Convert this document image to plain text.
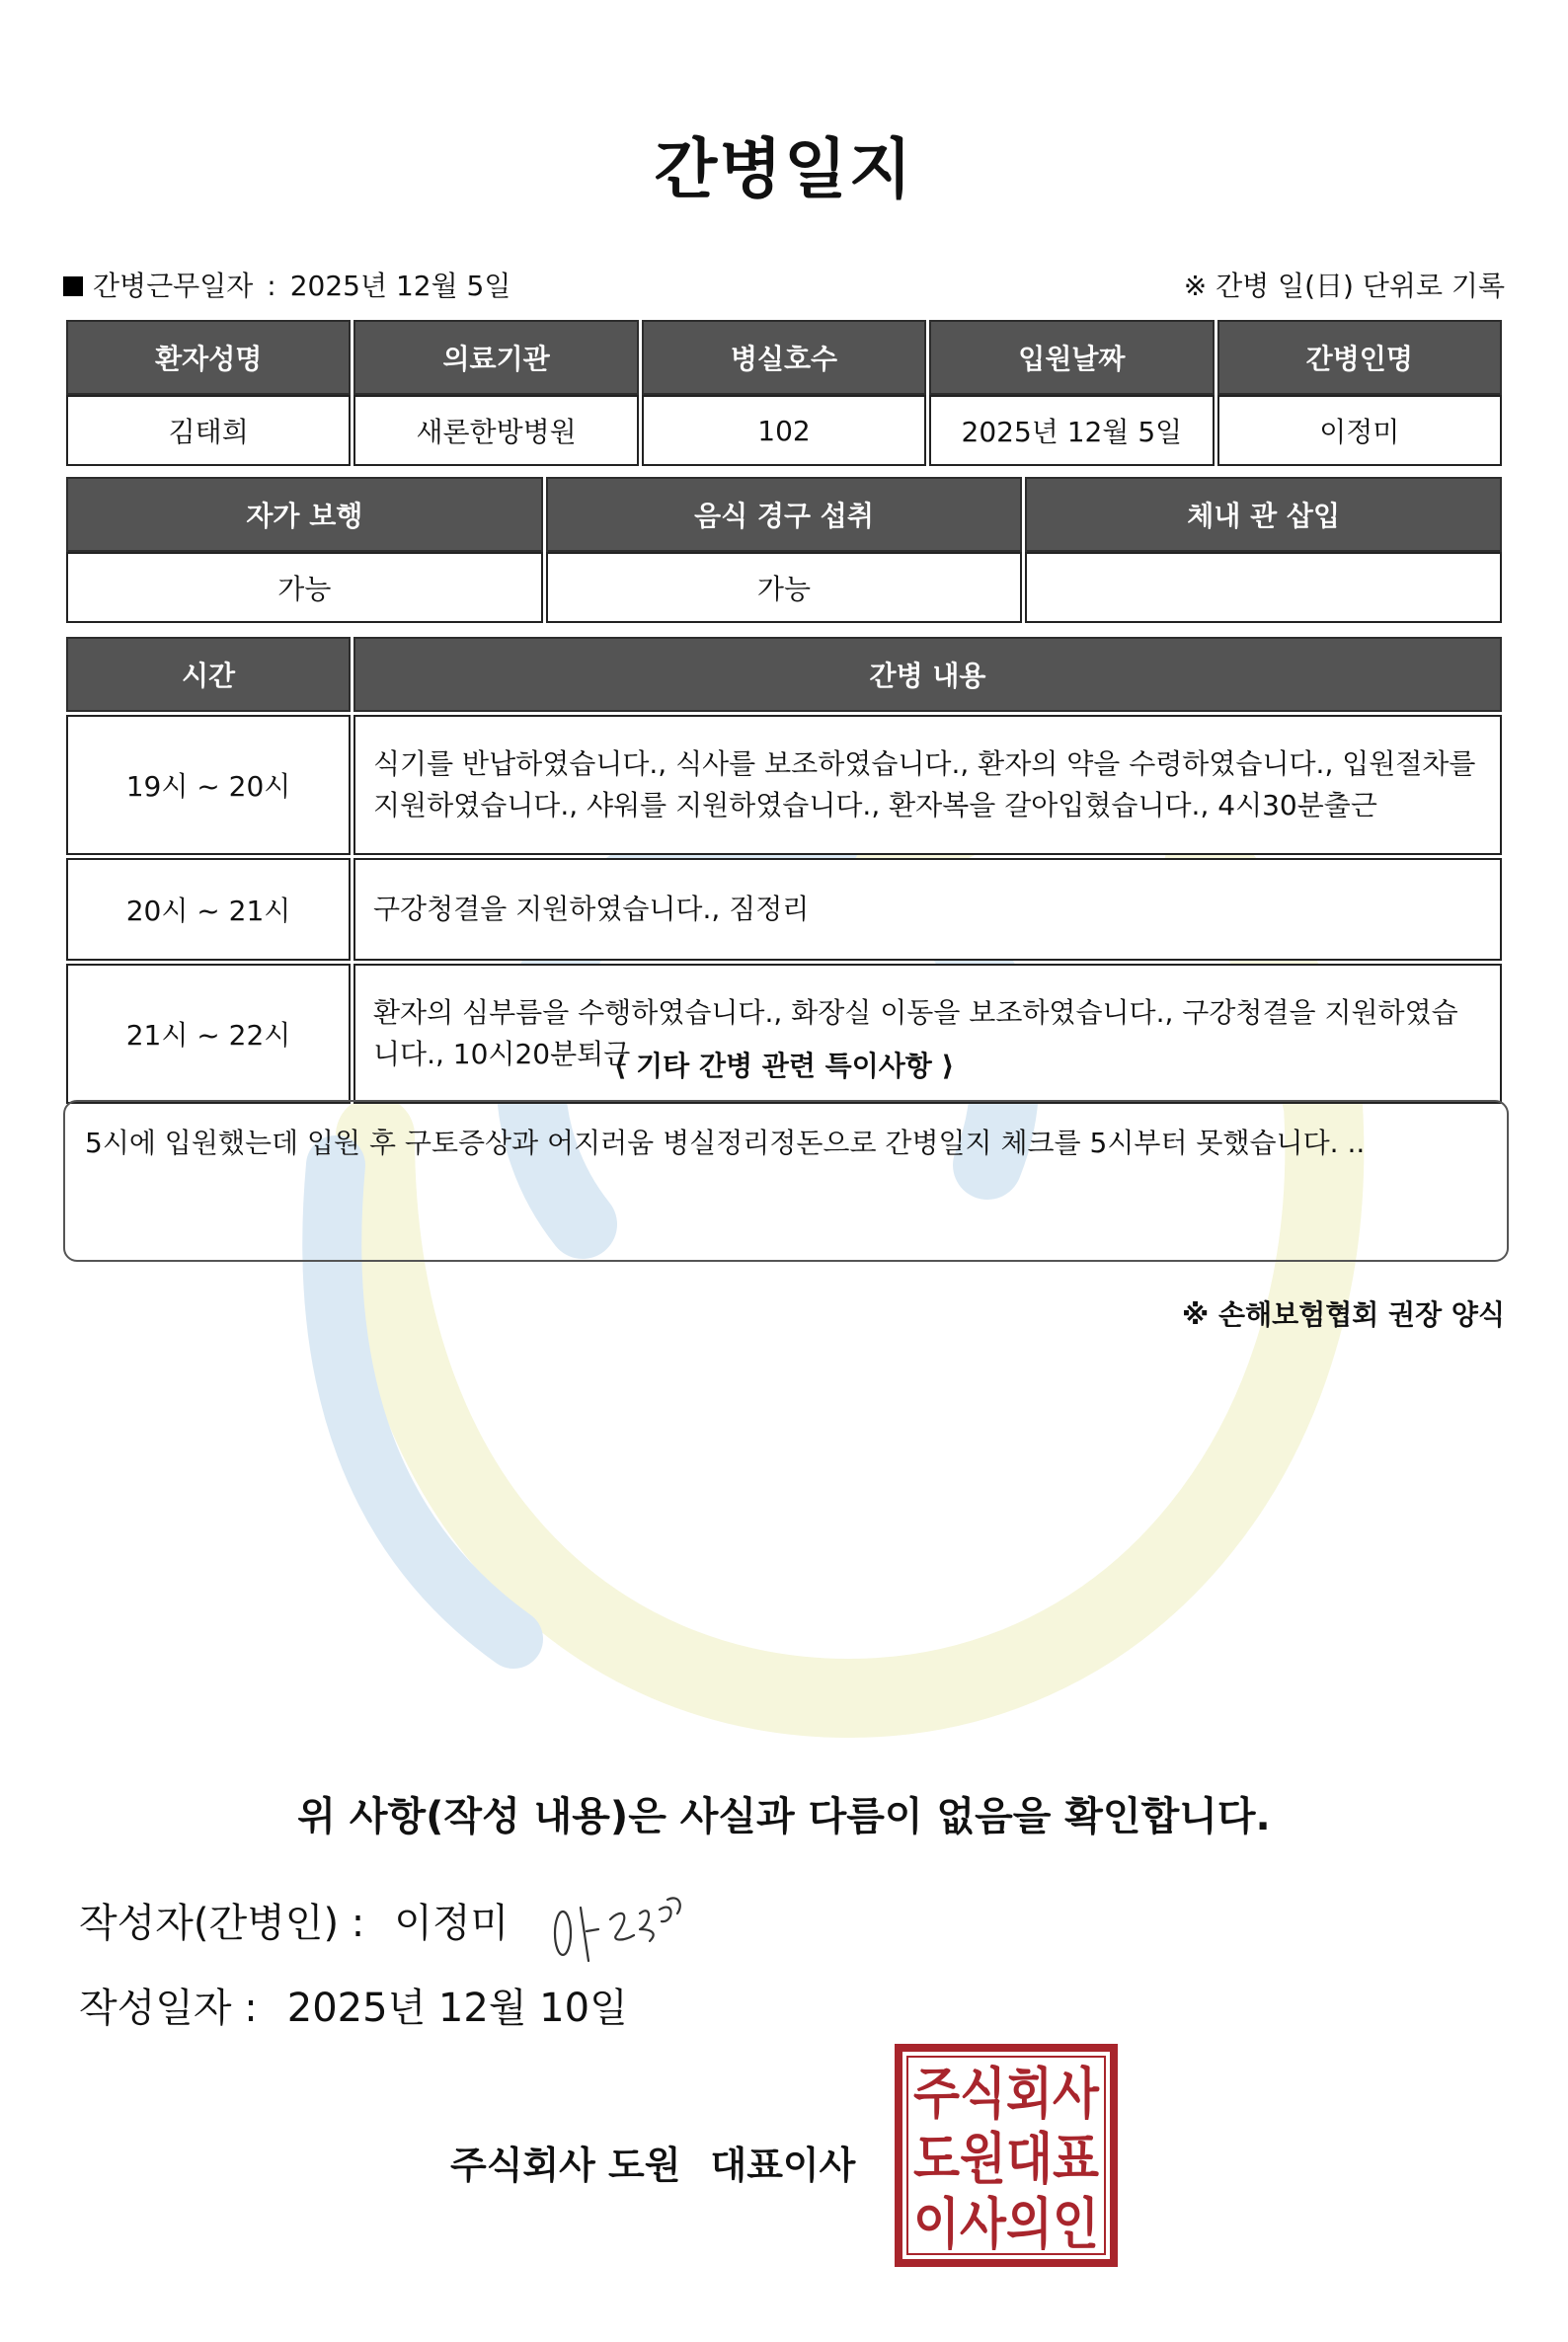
간병일지
간병근무일자 : 2025년 12월 5일	※ 간병 일(日) 단위로 기록
환자성명	의료기관	병실호수	입원날짜	간병인명
김태희	새론한방병원	102	2025년 12월 5일	이정미
자가 보행	음식 경구 섭취	체내 관 삽입
가능	가능	
시간	간병 내용
19시 ~ 20시	식기를 반납하였습니다., 식사를 보조하였습니다., 환자의 약을 수령하였습니다., 입원절차를 지원하였습니다., 샤워를 지원하였습니다., 환자복을 갈아입혔습니다., 4시30분출근
20시 ~ 21시	구강청결을 지원하였습니다., 짐정리
21시 ~ 22시	환자의 심부름을 수행하였습니다., 화장실 이동을 보조하였습니다., 구강청결을 지원하였습니다., 10시20분퇴근
⟨ 기타 간병 관련 특이사항 ⟩
5시에 입원했는데 입원 후 구토증상과 어지러움 병실정리정돈으로 간병일지 체크를 5시부터 못했습니다. ..
※ 손해보험협회 권장 양식
위 사항(작성 내용)은 사실과 다름이 없음을 확인합니다.
작성자(간병인) : 이정미
작성일자 : 2025년 12월 10일
주식회사 도원 대표이사
주식회사
도원대표
이사의인
